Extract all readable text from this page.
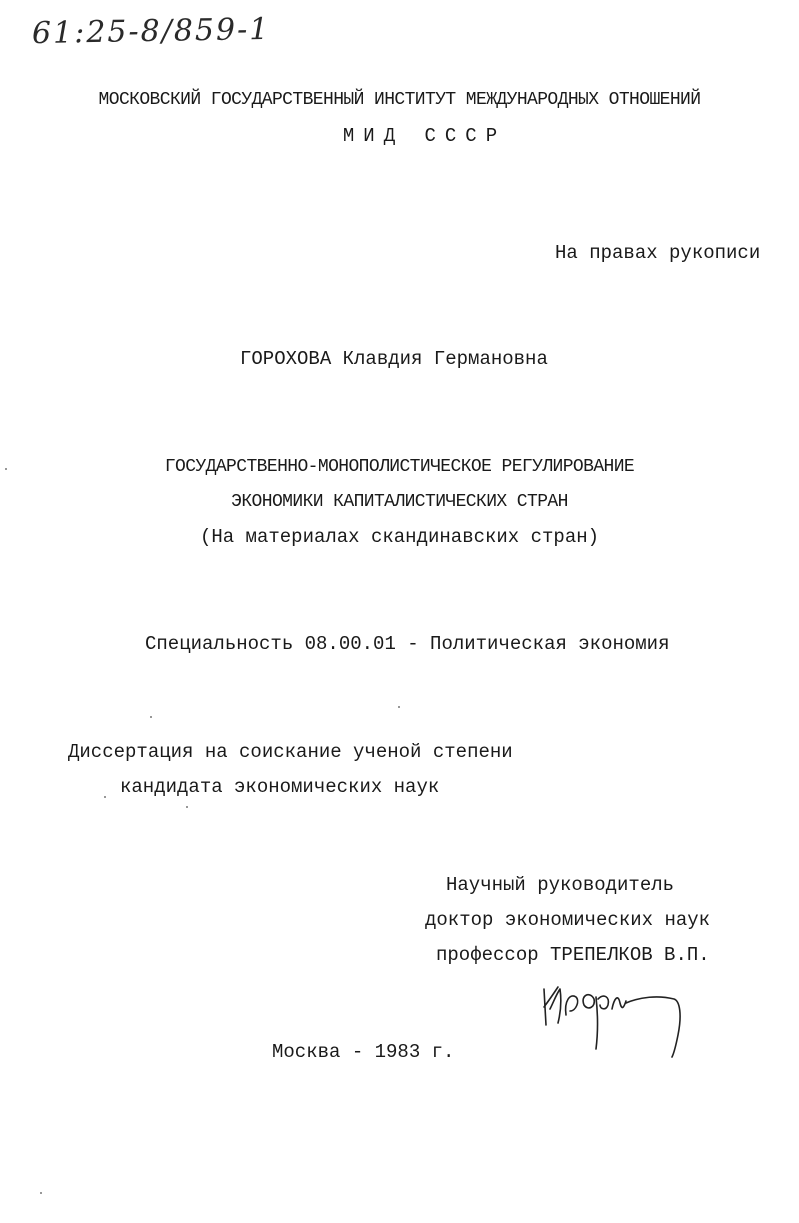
61:25-8/859-1
МОСКОВСКИЙ ГОСУДАРСТВЕННЫЙ ИНСТИТУТ МЕЖДУНАРОДНЫХ ОТНОШЕНИЙ
МИД СССР
На правах рукописи
ГОРОХОВА Клавдия Германовна
ГОСУДАРСТВЕННО-МОНОПОЛИСТИЧЕСКОЕ РЕГУЛИРОВАНИЕ
ЭКОНОМИКИ КАПИТАЛИСТИЧЕСКИХ СТРАН
(На материалах скандинавских стран)
Специальность 08.00.01 - Политическая экономия
Диссертация на соискание ученой степени
кандидата экономических наук
Научный руководитель
доктор экономических наук
профессор ТРЕПЕЛКОВ В.П.
Москва - 1983 г.
